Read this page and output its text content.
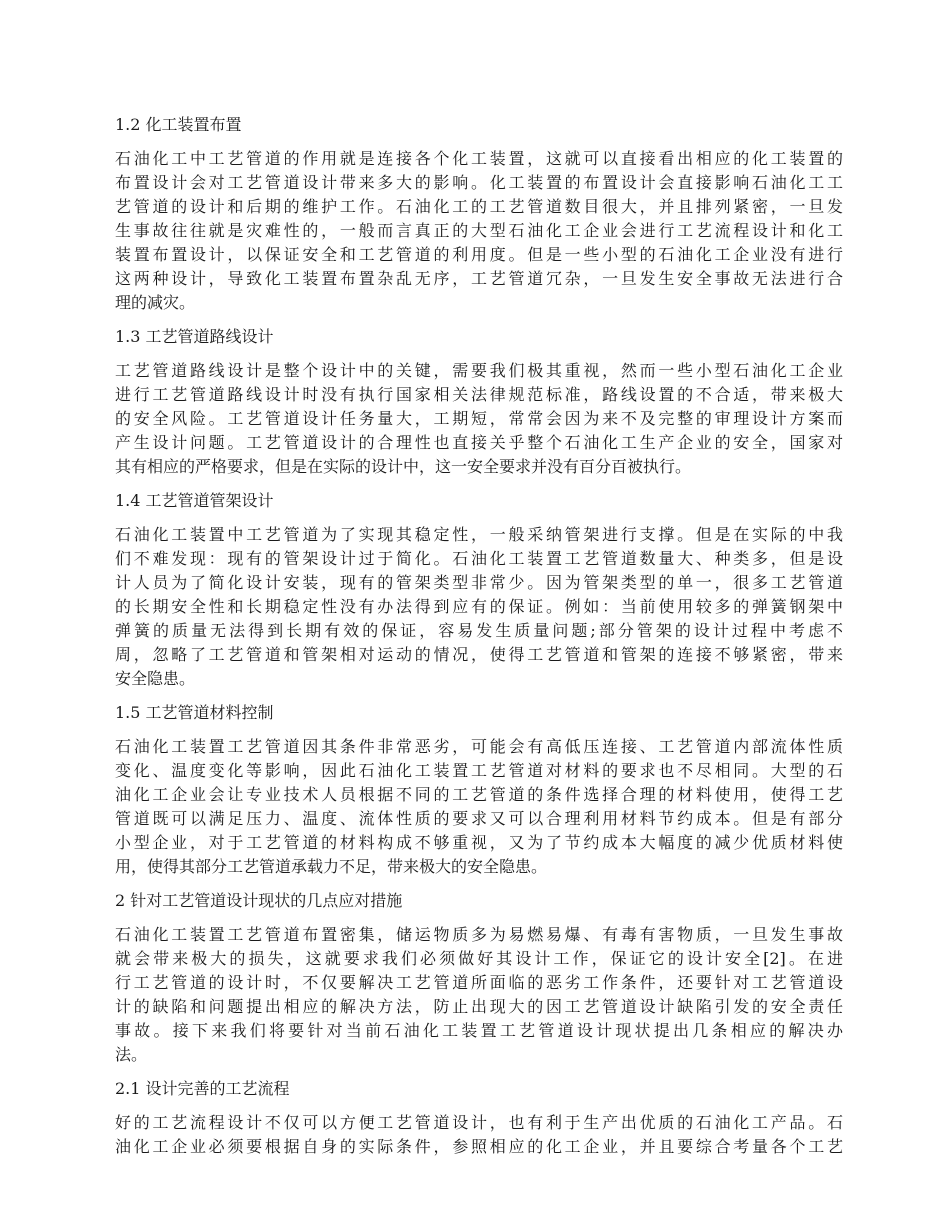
1.2 化工装置布置
石油化工中工艺管道的作用就是连接各个化工装置，这就可以直接看出相应的化工装置的
布置设计会对工艺管道设计带来多大的影响。化工装置的布置设计会直接影响石油化工工
艺管道的设计和后期的维护工作。石油化工的工艺管道数目很大，并且排列紧密，一旦发
生事故往往就是灾难性的，一般而言真正的大型石油化工企业会进行工艺流程设计和化工
装置布置设计，以保证安全和工艺管道的利用度。但是一些小型的石油化工企业没有进行
这两种设计，导致化工装置布置杂乱无序，工艺管道冗杂，一旦发生安全事故无法进行合
理的减灾。
1.3 工艺管道路线设计
工艺管道路线设计是整个设计中的关键，需要我们极其重视，然而一些小型石油化工企业
进行工艺管道路线设计时没有执行国家相关法律规范标准，路线设置的不合适，带来极大
的安全风险。工艺管道设计任务量大，工期短，常常会因为来不及完整的审理设计方案而
产生设计问题。工艺管道设计的合理性也直接关乎整个石油化工生产企业的安全，国家对
其有相应的严格要求，但是在实际的设计中，这一安全要求并没有百分百被执行。
1.4 工艺管道管架设计
石油化工装置中工艺管道为了实现其稳定性，一般采纳管架进行支撑。但是在实际的中我
们不难发现：现有的管架设计过于简化。石油化工装置工艺管道数量大、种类多，但是设
计人员为了简化设计安装，现有的管架类型非常少。因为管架类型的单一，很多工艺管道
的长期安全性和长期稳定性没有办法得到应有的保证。例如：当前使用较多的弹簧钢架中
弹簧的质量无法得到长期有效的保证，容易发生质量问题;部分管架的设计过程中考虑不
周，忽略了工艺管道和管架相对运动的情况，使得工艺管道和管架的连接不够紧密，带来
安全隐患。
1.5 工艺管道材料控制
石油化工装置工艺管道因其条件非常恶劣，可能会有高低压连接、工艺管道内部流体性质
变化、温度变化等影响，因此石油化工装置工艺管道对材料的要求也不尽相同。大型的石
油化工企业会让专业技术人员根据不同的工艺管道的条件选择合理的材料使用，使得工艺
管道既可以满足压力、温度、流体性质的要求又可以合理利用材料节约成本。但是有部分
小型企业，对于工艺管道的材料构成不够重视，又为了节约成本大幅度的减少优质材料使
用，使得其部分工艺管道承载力不足，带来极大的安全隐患。
2 针对工艺管道设计现状的几点应对措施
石油化工装置工艺管道布置密集，储运物质多为易燃易爆、有毒有害物质，一旦发生事故
就会带来极大的损失，这就要求我们必须做好其设计工作，保证它的设计安全[2]。在进
行工艺管道的设计时，不仅要解决工艺管道所面临的恶劣工作条件，还要针对工艺管道设
计的缺陷和问题提出相应的解决方法，防止出现大的因工艺管道设计缺陷引发的安全责任
事故。接下来我们将要针对当前石油化工装置工艺管道设计现状提出几条相应的解决办
法。
2.1 设计完善的工艺流程
好的工艺流程设计不仅可以方便工艺管道设计，也有利于生产出优质的石油化工产品。石
油化工企业必须要根据自身的实际条件，参照相应的化工企业，并且要综合考量各个工艺
